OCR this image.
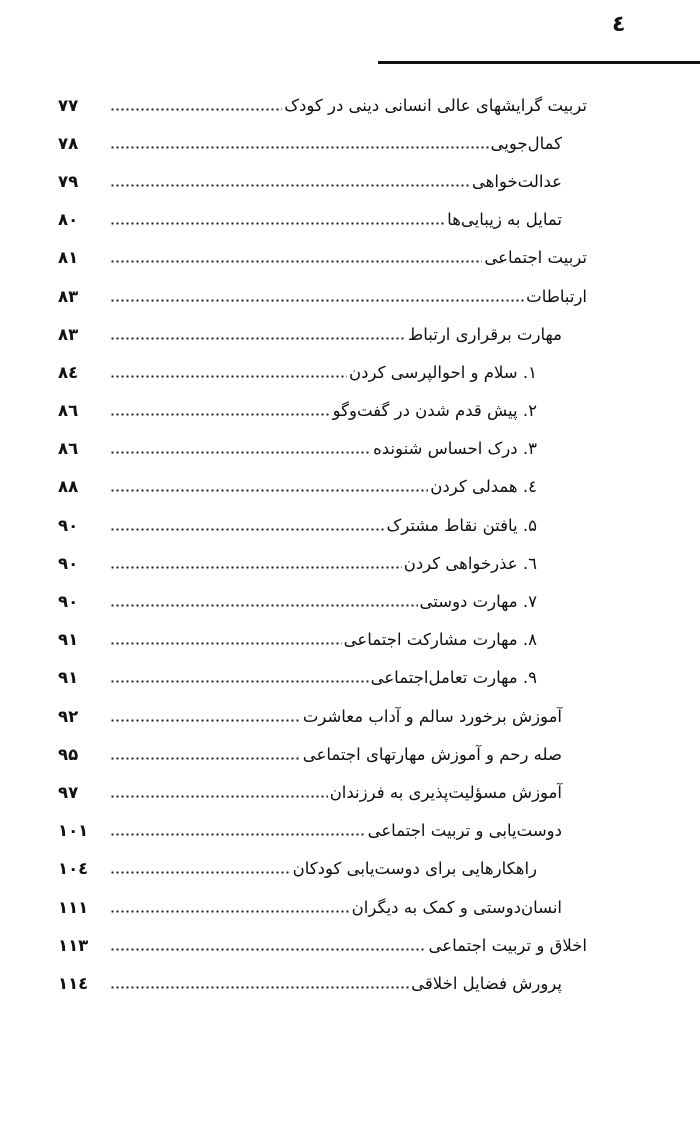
٤
تربیت گرایشهای عالی انسانی دینی در کودک
۷۷
کمال‌جویی
۷۸
عدالت‌خواهی
۷۹
تمایل به زیبایی‌ها
۸۰
تربیت اجتماعی
۸۱
ارتباطات
۸۳
مهارت برقراری ارتباط
۸۳
۱. سلام و احوالپرسی کردن
۸٤
۲. پیش قدم شدن در گفت‌وگو
۸٦
۳. درک احساس شنونده
۸٦
٤. همدلی کردن
۸۸
۵. یافتن نقاط مشترک
۹۰
٦. عذرخواهی کردن
۹۰
۷. مهارت دوستی
۹۰
۸. مهارت مشارکت اجتماعی
۹۱
۹. مهارت تعامل‌اجتماعی
۹۱
آموزش برخورد سالم و آداب معاشرت
۹۲
صله رحم و آموزش مهارتهای اجتماعی
۹۵
آموزش مسؤلیت‌پذیری به فرزندان
۹۷
دوست‌یابی و تربیت اجتماعی
۱۰۱
راهکارهایی برای دوست‌یابی کودکان
۱۰٤
انسان‌دوستی و کمک به دیگران
۱۱۱
اخلاق و تربیت اجتماعی
۱۱۳
پرورش فضایل اخلاقی
۱۱٤
